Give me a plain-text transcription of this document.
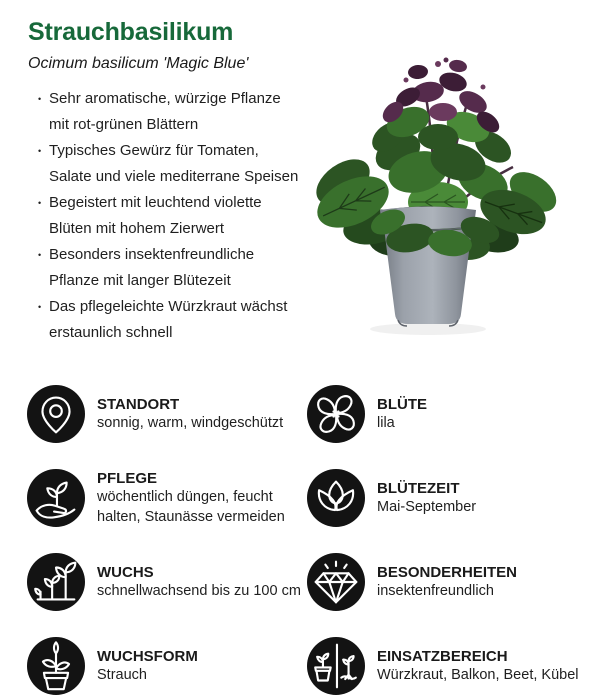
Strauchbasilikum
Ocimum basilicum 'Magic Blue'
• Sehr aromatische, würzige Pflanze mit rot-grünen Blättern
• Typisches Gewürz für Tomaten, Salate und viele mediterrane Speisen
• Begeistert mit leuchtend violette Blüten mit hohem Zierwert
• Besonders insektenfreundliche Pflanze mit langer Blütezeit
• Das pflegeleichte Würzkraut wächst erstaunlich schnell
STANDORT
sonnig, warm, windgeschützt
BLÜTE
lila
PFLEGE
wöchentlich düngen, feucht halten, Staunässe vermeiden
BLÜTEZEIT
Mai-September
WUCHS
schnellwachsend bis zu 100 cm
BESONDERHEITEN
insektenfreundlich
WUCHSFORM
Strauch
EINSATZBEREICH
Würzkraut, Balkon, Beet, Kübel
